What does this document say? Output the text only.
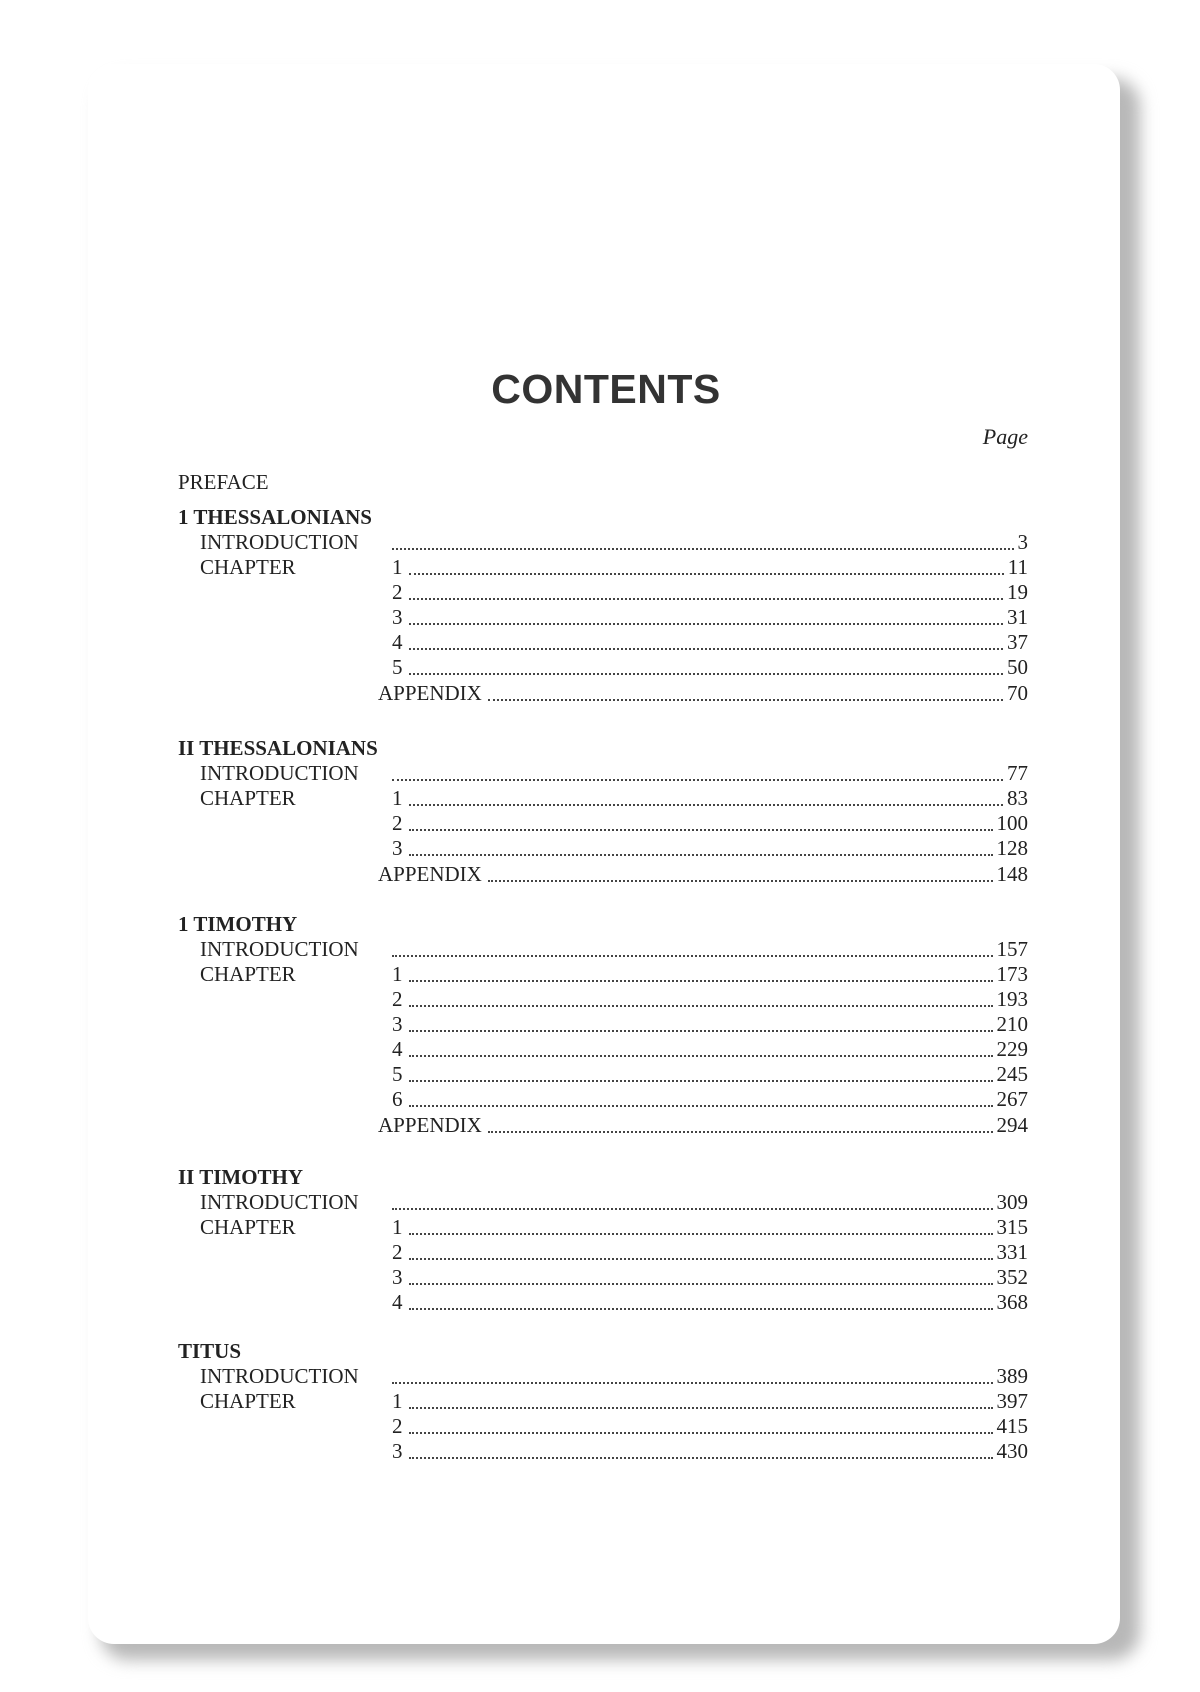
CONTENTS
Page
PREFACE
1 THESSALONIANS
INTRODUCTION	3
CHAPTER	1	11
2	19
3	31
4	37
5	50
APPENDIX	70
II THESSALONIANS
INTRODUCTION	77
CHAPTER	1	83
2	100
3	128
APPENDIX	148
1 TIMOTHY
INTRODUCTION	157
CHAPTER	1	173
2	193
3	210
4	229
5	245
6	267
APPENDIX	294
II TIMOTHY
INTRODUCTION	309
CHAPTER	1	315
2	331
3	352
4	368
TITUS
INTRODUCTION	389
CHAPTER	1	397
2	415
3	430
